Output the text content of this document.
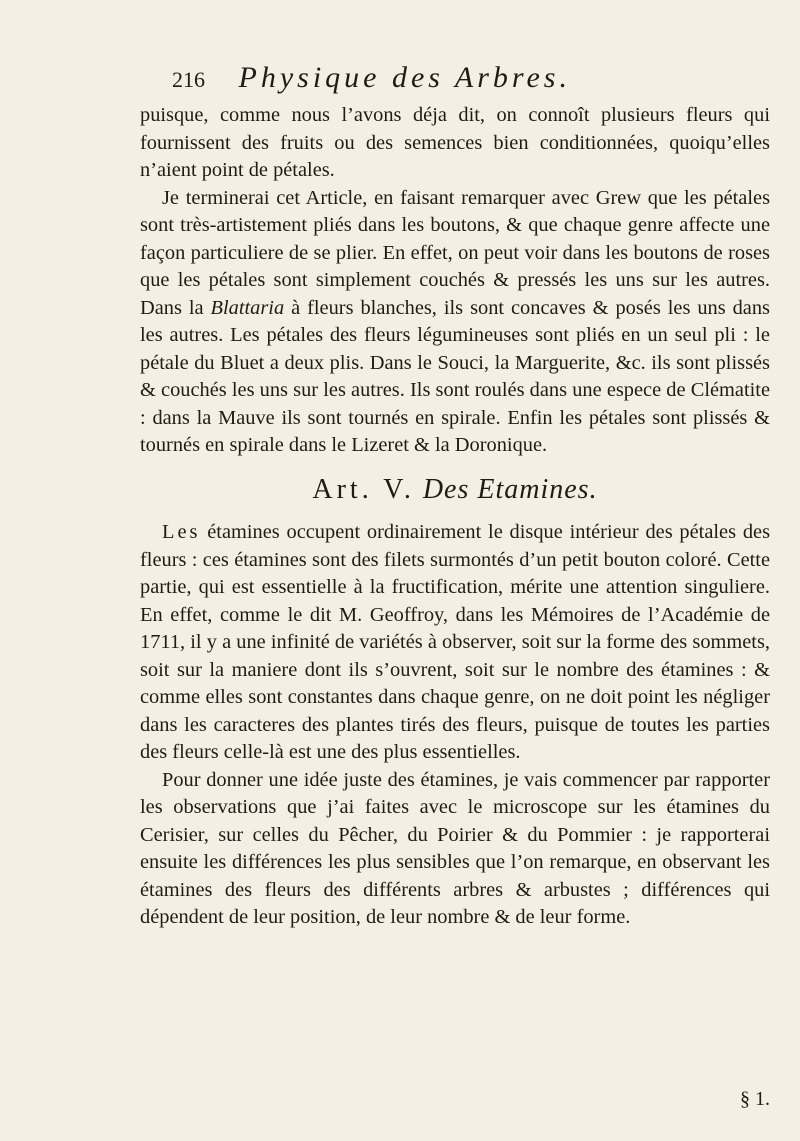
216 Physique des Arbres.

puisque, comme nous l’avons déja dit, on connoît plusieurs fleurs qui fournissent des fruits ou des semences bien conditionnées, quoiqu’elles n’aient point de pétales.

Je terminerai cet Article, en faisant remarquer avec Grew que les pétales sont très-artistement pliés dans les boutons, & que chaque genre affecte une façon particuliere de se plier. En effet, on peut voir dans les boutons de roses que les pétales sont simplement couchés & pressés les uns sur les autres. Dans la Blattaria à fleurs blanches, ils sont concaves & posés les uns dans les autres. Les pétales des fleurs légumineuses sont pliés en un seul pli : le pétale du Bluet a deux plis. Dans le Souci, la Marguerite, &c. ils sont plissés & couchés les uns sur les autres. Ils sont roulés dans une espece de Clématite : dans la Mauve ils sont tournés en spirale. Enfin les pétales sont plissés & tournés en spirale dans le Lizeret & la Doronique.

Art. V. Des Etamines.

Les étamines occupent ordinairement le disque intérieur des pétales des fleurs : ces étamines sont des filets surmontés d’un petit bouton coloré. Cette partie, qui est essentielle à la fructification, mérite une attention singuliere. En effet, comme le dit M. Geoffroy, dans les Mémoires de l’Académie de 1711, il y a une infinité de variétés à observer, soit sur la forme des sommets, soit sur la maniere dont ils s’ouvrent, soit sur le nombre des étamines : & comme elles sont constantes dans chaque genre, on ne doit point les négliger dans les caracteres des plantes tirés des fleurs, puisque de toutes les parties des fleurs celle-là est une des plus essentielles.

Pour donner une idée juste des étamines, je vais commencer par rapporter les observations que j’ai faites avec le microscope sur les étamines du Cerisier, sur celles du Pêcher, du Poirier & du Pommier : je rapporterai ensuite les différences les plus sensibles que l’on remarque, en observant les étamines des fleurs des différents arbres & arbustes ; différences qui dépendent de leur position, de leur nombre & de leur forme.

§ 1.
